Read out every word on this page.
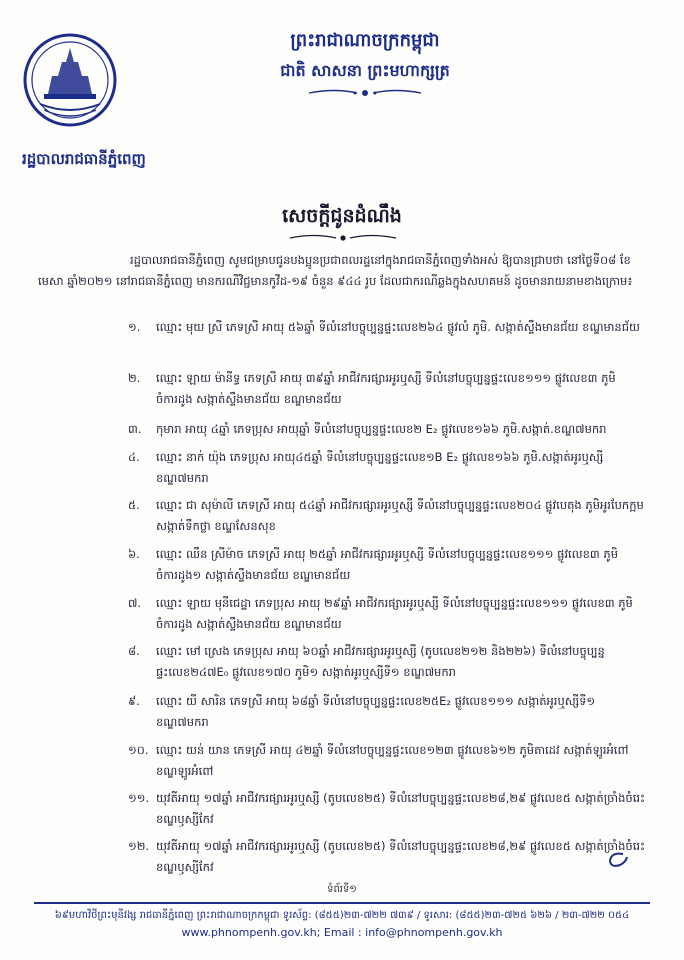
ព្រះរាជាណាចក្រកម្ពុជា
ជាតិ សាសនា ព្រះមហាក្សត្រ
រដ្ឋបាលរាជធានីភ្នំពេញ
សេចក្តីជូនដំណឹង
រដ្ឋបាលរាជធានីភ្នំពេញ សូមជម្រាបជូនបងប្អូនប្រជាពលរដ្ឋនៅក្នុងរាជធានីភ្នំពេញទាំងអស់ ឱ្យបានជ្រាបថា នៅថ្ងៃទី០៨ ខែមេសា ឆ្នាំ២០២១ នៅរាជធានីភ្នំពេញ មានករណីវិជ្ជមានកូវីដ-១៩ ចំនួន ៩៤៤ រូប ដែលជាករណីឆ្លងក្នុងសហគមន៍ ដូចមានរាយនាមខាងក្រោម៖
១.	ឈ្មោះ មុយ ស្រី ភេទស្រី អាយុ ៥៦ឆ្នាំ ទីលំនៅបច្ចុប្បន្នផ្ទះលេខ២៦៤ ផ្លូវលំ ភូមិ. សង្កាត់ស្ទឹងមានជ័យ ខណ្ឌមានជ័យ
២.	ឈ្មោះ ឡាយ ម៉ានីទ្ធ ភេទស្រី អាយុ ៣៩ឆ្នាំ អាជីវករផ្សារអូរឬស្សី ទីលំនៅបច្ចុប្បន្នផ្ទះលេខ១១១ ផ្លូវលេខ៣ ភូមិចំការដូង សង្កាត់ស្ទឹងមានជ័យ ខណ្ឌមានជ័យ
៣.	កុមារា អាយុ ៤ឆ្នាំ ភេទប្រុស អាយុឆ្នាំ ទីលំនៅបច្ចុប្បន្នផ្ទះលេខ២ E₂ ផ្លូវលេខ១៦៦ ភូមិ.សង្កាត់.ខណ្ឌ៧មករា
៤.	ឈ្មោះ នាក់ យ៉ុង ភេទប្រុស អាយុ៤៥ឆ្នាំ ទីលំនៅបច្ចុប្បន្នផ្ទះលេខ១B E₂ ផ្លូវលេខ១៦៦ ភូមិ.សង្កាត់អូរឬស្សី ខណ្ឌ៧មករា
៥.	ឈ្មោះ ជា សុម៉ាលី ភេទស្រី អាយុ ៥៤ឆ្នាំ អាជីវករផ្សារអូរឬស្សី ទីលំនៅបច្ចុប្បន្នផ្ទះលេខ២០៤ ផ្លូវបេតុង ភូមិអូរបែកក្អម សង្កាត់ទឹកថ្លា ខណ្ឌសែនសុខ
៦.	ឈ្មោះ ឈឹន ស្រីម៉ាច ភេទស្រី អាយុ ២៥ឆ្នាំ អាជីវករផ្សារអូរឬស្សី ទីលំនៅបច្ចុប្បន្នផ្ទះលេខ១១១ ផ្លូវលេខ៣ ភូមិចំការដូង១ សង្កាត់ស្ទឹងមានជ័យ ខណ្ឌមានជ័យ
៧.	ឈ្មោះ ឡាយ មុនីជេដ្ឋា ភេទប្រុស អាយុ ២៩ឆ្នាំ អាជីវករផ្សារអូរឬស្សី ទីលំនៅបច្ចុប្បន្នផ្ទះលេខ១១១ ផ្លូវលេខ៣ ភូមិចំការដូង សង្កាត់ស្ទឹងមានជ័យ ខណ្ឌមានជ័យ
៨.	ឈ្មោះ មៅ ស្រេង ភេទប្រុស អាយុ ៦០ឆ្នាំ អាជីវករផ្សារអូរឬស្សី (តូបលេខ២១២ និង២២៦) ទីលំនៅបច្ចុប្បន្នផ្ទះលេខ២៤៧E₀ ផ្លូវលេខ១៧០ ភូមិ១ សង្កាត់អូរឬស្សីទី១ ខណ្ឌ៧មករា
៩.	ឈ្មោះ យី សារិន ភេទស្រី អាយុ ៦៨ឆ្នាំ ទីលំនៅបច្ចុប្បន្នផ្ទះលេខ២៥E₂ ផ្លូវលេខ១១១ សង្កាត់អូរឬស្សីទី១ ខណ្ឌ៧មករា
១០. ឈ្មោះ យន់ យាន ភេទស្រី អាយុ ៤២ឆ្នាំ ទីលំនៅបច្ចុប្បន្នផ្ទះលេខ១២៣ ផ្លូវលេខ៦១២ ភូមិតាដេវ សង្កាត់ឡូរអំពៅ ខណ្ឌឡូរអំពៅ
១១. យុវតីអាយុ ១៧ឆ្នាំ អាជីវករផ្សារអូរឬស្សី (តូបលេខ២៥) ទីលំនៅបច្ចុប្បន្នផ្ទះលេខ២៨,២៩ ផ្លូវលេខ៥ សង្កាត់ច្រាំងចំរេះ ខណ្ឌឫស្សីកែវ
១២. យុវតីអាយុ ១៧ឆ្នាំ អាជីវករផ្សារអូរឬស្សី (តូបលេខ២៥) ទីលំនៅបច្ចុប្បន្នផ្ទះលេខ២៨,២៩ ផ្លូវលេខ៥ សង្កាត់ច្រាំងចំរេះ ខណ្ឌឫស្សីកែវ
ទំព័រទី១
៦៩មហាវិថីព្រះមុនីវង្ស រាជធានីភ្នំពេញ ព្រះរាជាណាចក្រកម្ពុជា ទូរស័ព្ទ: (៨៥៥)២៣-៧២២ ៧៣៩ / ទូរសារ: (៨៥៥)២៣-៧២៥ ៦២៦ / ២៣-៧២២ ០៥៤
www.phnompenh.gov.kh; Email : info@phnompenh.gov.kh
